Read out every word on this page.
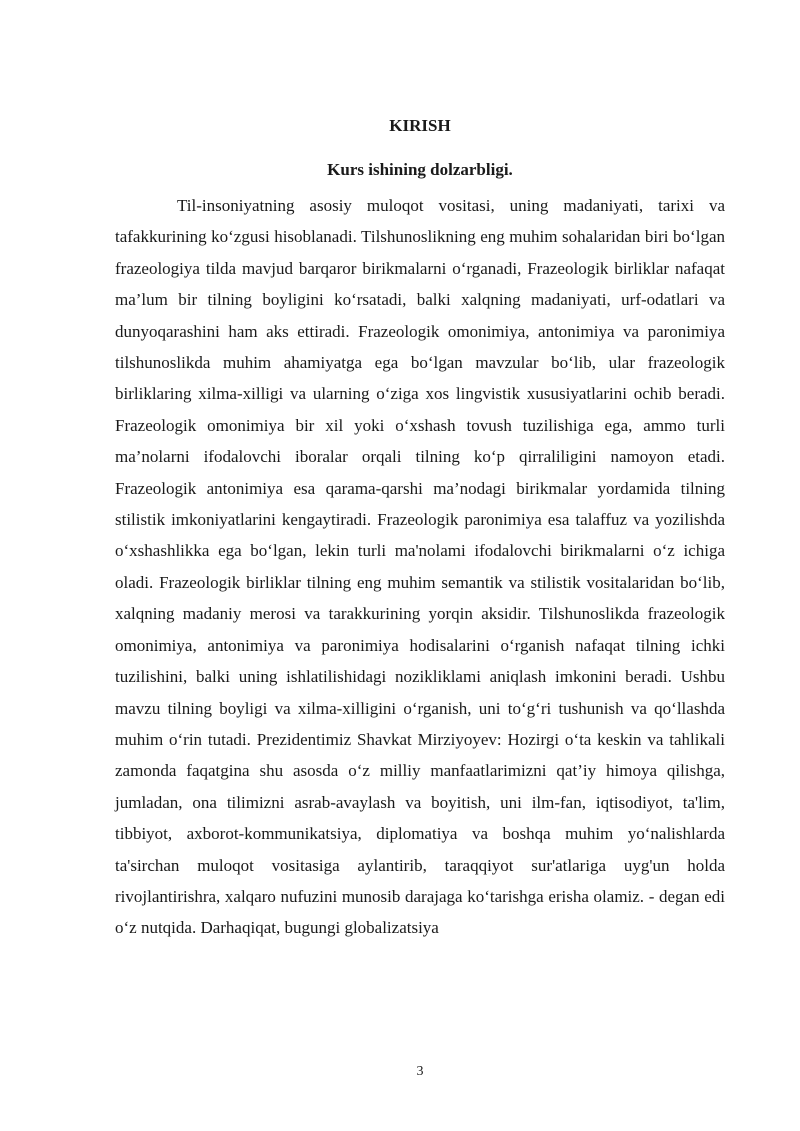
KIRISH
Kurs ishining dolzarbligi.

Til-insoniyatning asosiy muloqot vositasi, uning madaniyati, tarixi va tafakkurining ko‘zgusi hisoblanadi. Tilshunoslikning eng muhim sohalaridan biri bo‘lgan frazeologiya tilda mavjud barqaror birikmalarni o‘rganadi, Frazeologik birliklar nafaqat ma’lum bir tilning boyligini ko‘rsatadi, balki xalqning madaniyati, urf-odatlari va dunyoqarashini ham aks ettiradi. Frazeologik omonimiya, antonimiya va paronimiya tilshunoslikda muhim ahamiyatga ega bo‘lgan mavzular bo‘lib, ular frazeologik birliklaring xilma-xilligi va ularning o‘ziga xos lingvistik xususiyatlarini ochib beradi. Frazeologik omonimiya bir xil yoki o‘xshash tovush tuzilishiga ega, ammo turli ma’nolarni ifodalovchi iboralar orqali tilning ko‘p qirraliligini namoyon etadi. Frazeologik antonimiya esa qarama-qarshi ma’nodagi birikmalar yordamida tilning stilistik imkoniyatlarini kengaytiradi. Frazeologik paronimiya esa talaffuz va yozilishda o‘xshashlikka ega bo‘lgan, lekin turli ma'nolami ifodalovchi birikmalarni o‘z ichiga oladi. Frazeologik birliklar tilning eng muhim semantik va stilistik vositalaridan bo‘lib, xalqning madaniy merosi va tarakkurining yorqin aksidir. Tilshunoslikda frazeologik omonimiya, antonimiya va paronimiya hodisalarini o‘rganish nafaqat tilning ichki tuzilishini, balki uning ishlatilishidagi nozikliklami aniqlash imkonini beradi. Ushbu mavzu tilning boyligi va xilma-xilligini o‘rganish, uni to‘g‘ri tushunish va qo‘llashda muhim o‘rin tutadi. Prezidentimiz Shavkat Mirziyoyev: Hozirgi o‘ta keskin va tahlikali zamonda faqatgina shu asosda o‘z milliy manfaatlarimizni qat’iy himoya qilishga, jumladan, ona tilimizni asrab-avaylash va boyitish, uni ilm-fan, iqtisodiyot, ta'lim, tibbiyot, axborot-kommunikatsiya, diplomatiya va boshqa muhim yo‘nalishlarda ta'sirchan muloqot vositasiga aylantirib, taraqqiyot sur'atlariga uyg'un holda rivojlantirishra, xalqaro nufuzini munosib darajaga ko‘tarishga erisha olamiz. - degan edi o‘z nutqida. Darhaqiqat, bugungi globalizatsiya

3
